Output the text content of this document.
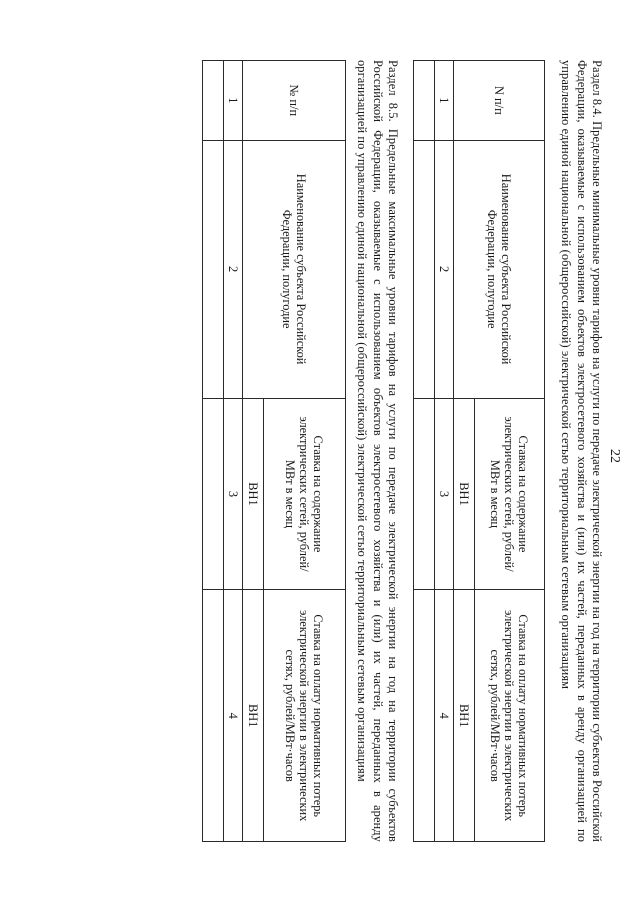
22

Раздел 8.4. Предельные минимальные уровни тарифов на услуги по передаче электрической энергии на год на территории субъектов Российской Федерации, оказываемые с использованием объектов электросетевого хозяйства и (или) их частей, переданных в аренду организацией по управлению единой национальной (общероссийской) электрической сетью территориальным сетевым организациям

N п/п	Наименование субъекта Российской Федерации, полугодие	Ставка на содержание электрических сетей, рублей/МВт в месяц	Ставка на оплату нормативных потерь электрической энергии в электрических сетях, рублей/МВт·часов
		ВН1	ВН1
1	2	3	4

Раздел 8.5. Предельные максимальные уровни тарифов на услуги по передаче электрической энергии на год на территории субъектов Российской Федерации, оказываемые с использованием объектов электросетевого хозяйства и (или) их частей, переданных в аренду организацией по управлению единой национальной (общероссийской) электрической сетью территориальным сетевым организациям

№ п/п	Наименование субъекта Российской Федерации, полугодие	Ставка на содержание электрических сетей, рублей/МВт в месяц	Ставка на оплату нормативных потерь электрической энергии в электрических сетях, рублей/МВт·часов
		ВН1	ВН1
1	2	3	4
